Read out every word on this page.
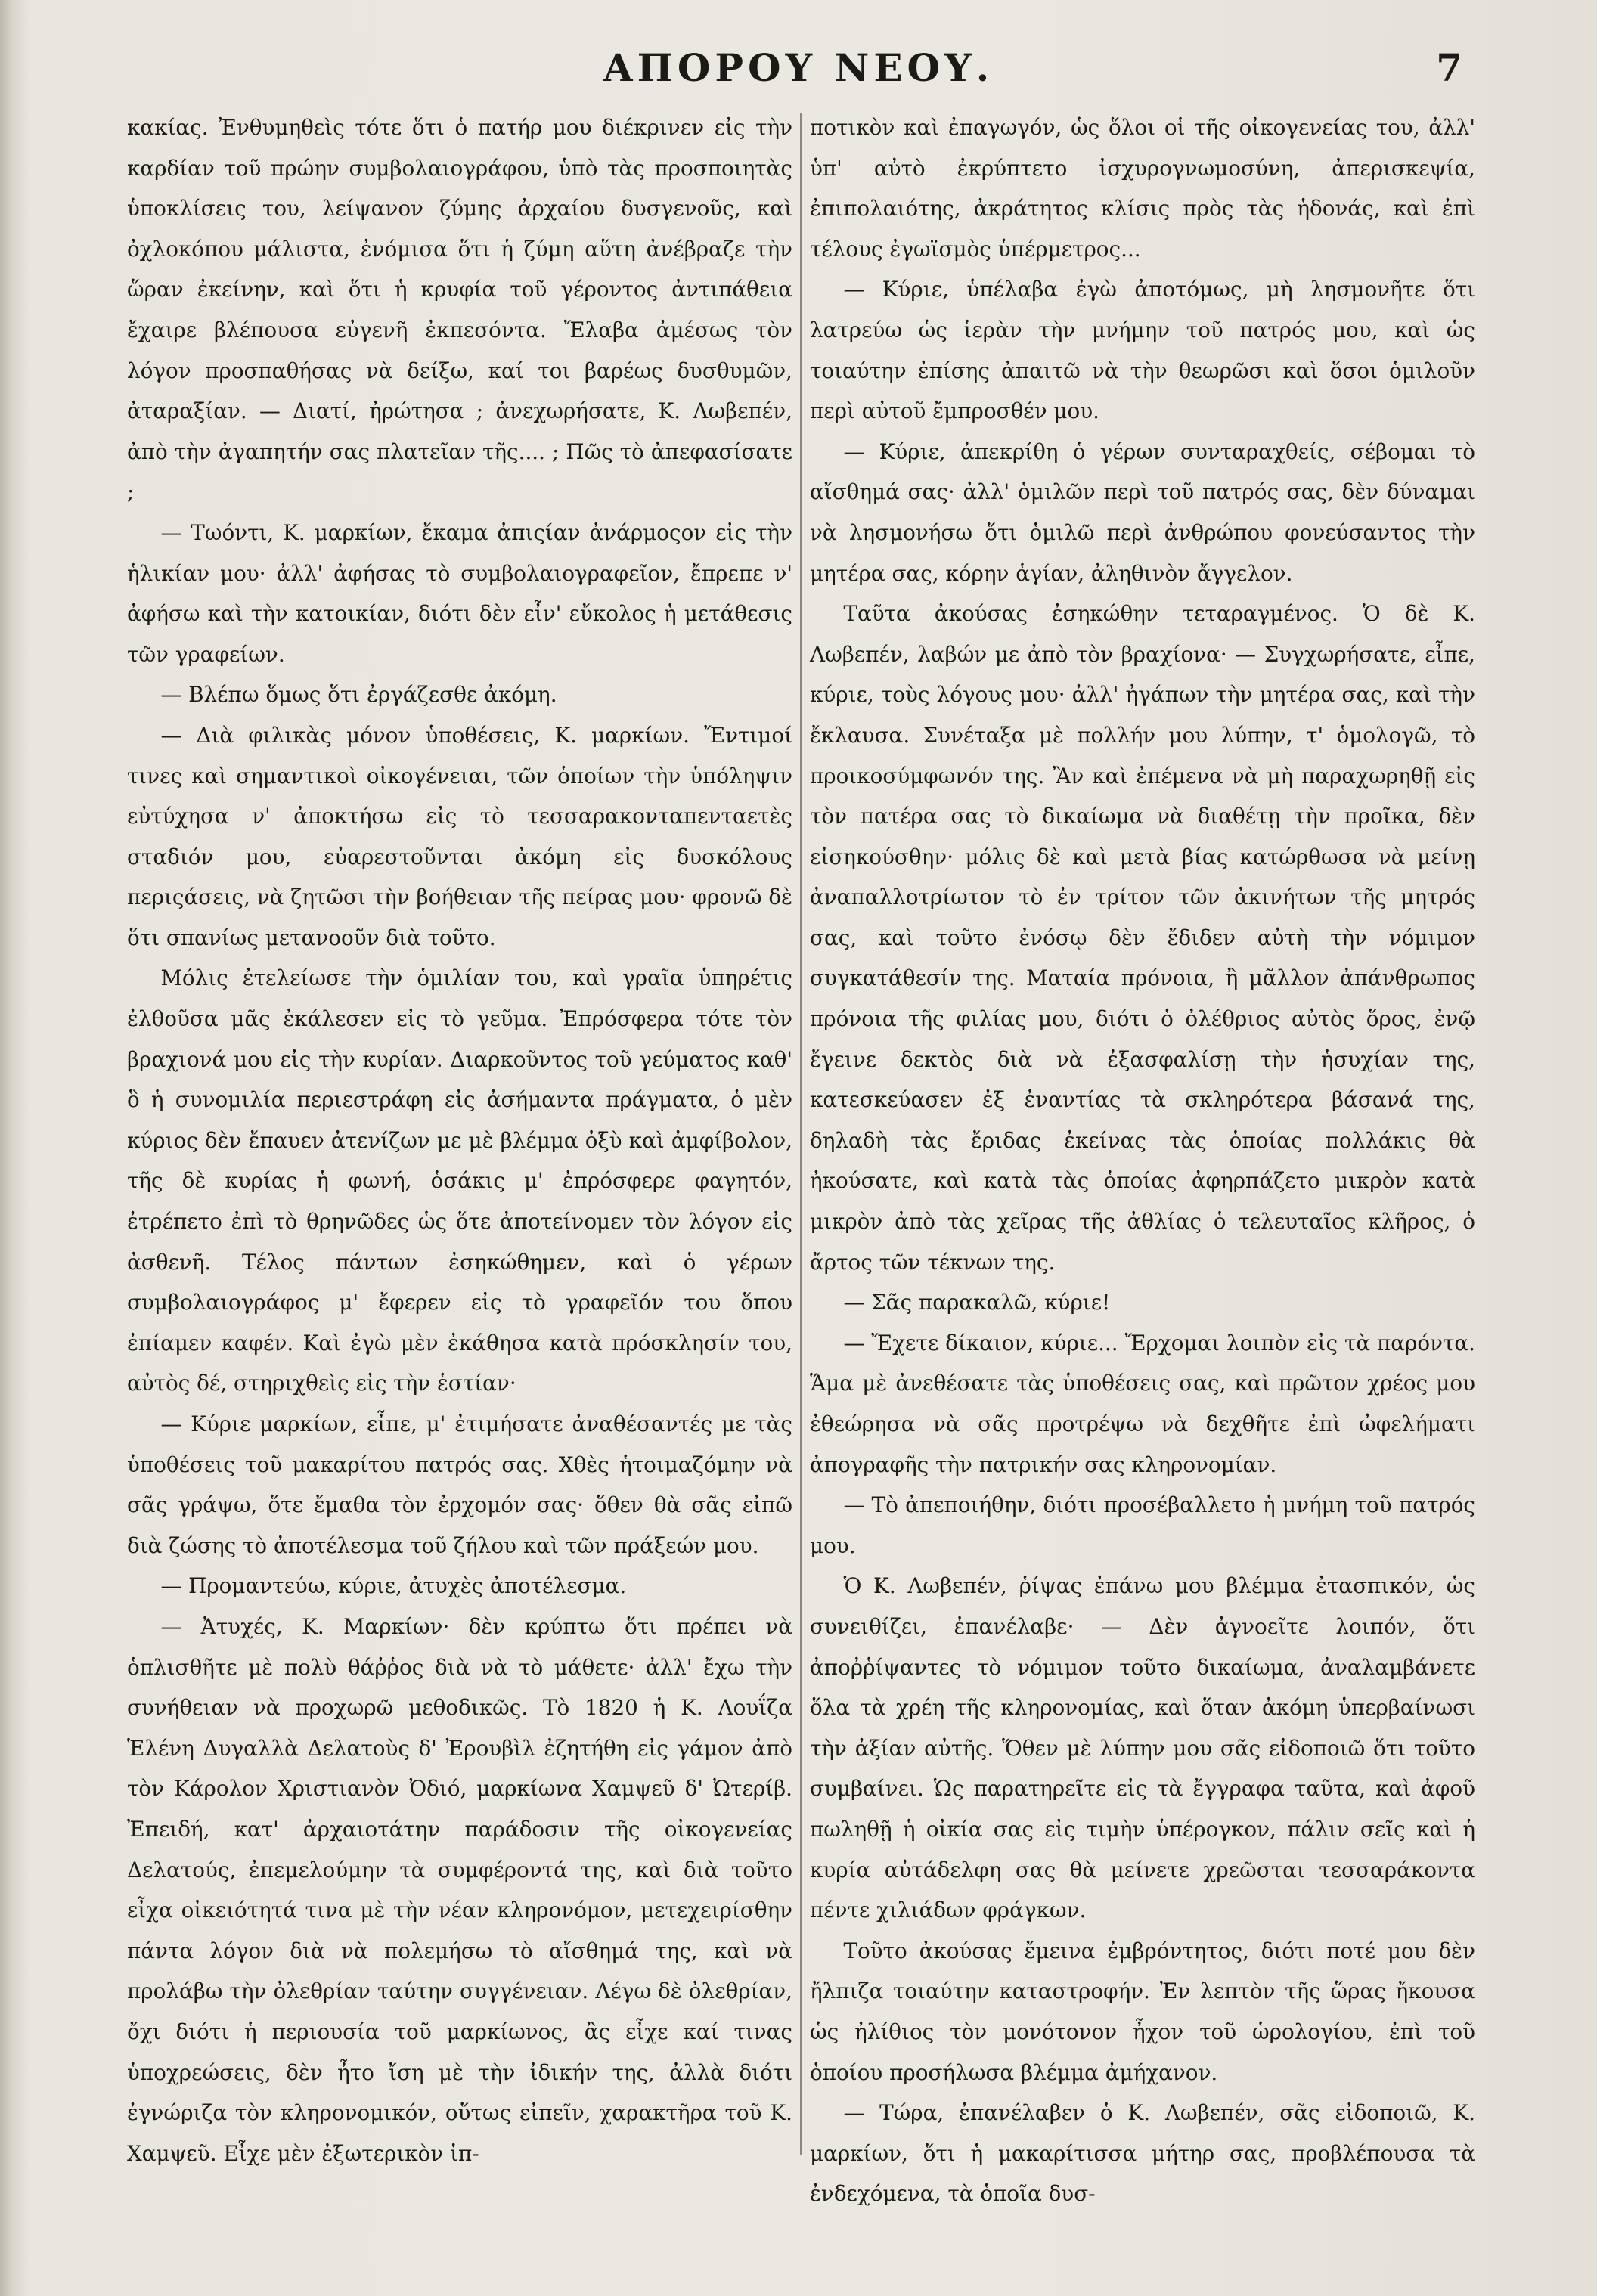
ΑΠΟΡΟΥ ΝΕΟΥ.	7

κακίας. Ἐνθυμηθεὶς τότε ὅτι ὁ πατήρ μου διέκρινεν εἰς τὴν καρδίαν τοῦ πρώην συμβολαιογράφου, ὑπὸ τὰς προσποιητὰς ὑποκλίσεις του, λείψανον ζύμης ἀρχαίου δυσγενοῦς, καὶ ὀχλοκόπου μάλιστα, ἐνόμισα ὅτι ἡ ζύμη αὕτη ἀνέβραζε τὴν ὥραν ἐκείνην, καὶ ὅτι ἡ κρυφία τοῦ γέροντος ἀντιπάθεια ἔχαιρε βλέπουσα εὐγενῆ ἐκπεσόντα. Ἔλαβα ἀμέσως τὸν λόγον προσπαθήσας νὰ δείξω, καί τοι βαρέως δυσθυμῶν, ἀταραξίαν. — Διατί, ἠρώτησα ; ἀνεχωρήσατε, Κ. Λωβεπέν, ἀπὸ τὴν ἀγαπητήν σας πλατεῖαν τῆς.... ; Πῶς τὸ ἀπεφασίσατε ;

— Τωόντι, Κ. μαρκίων, ἔκαμα ἀπιςίαν ἀνάρμοςον εἰς τὴν ἡλικίαν μου· ἀλλ' ἀφήσας τὸ συμβολαιογραφεῖον, ἔπρεπε ν' ἀφήσω καὶ τὴν κατοικίαν, διότι δὲν εἶν' εὔκολος ἡ μετάθεσις τῶν γραφείων.

— Βλέπω ὅμως ὅτι ἐργάζεσθε ἀκόμη.

— Διὰ φιλικὰς μόνον ὑποθέσεις, Κ. μαρκίων. Ἔντιμοί τινες καὶ σημαντικοὶ οἰκογένειαι, τῶν ὁποίων τὴν ὑπόληψιν εὐτύχησα ν' ἀποκτήσω εἰς τὸ τεσσαρακονταπενταετὲς σταδιόν μου, εὐαρεστοῦνται ἀκόμη εἰς δυσκόλους περιςάσεις, νὰ ζητῶσι τὴν βοήθειαν τῆς πείρας μου· φρονῶ δὲ ὅτι σπανίως μετανοοῦν διὰ τοῦτο.

Μόλις ἐτελείωσε τὴν ὁμιλίαν του, καὶ γραῖα ὑπηρέτις ἐλθοῦσα μᾶς ἐκάλεσεν εἰς τὸ γεῦμα. Ἐπρόσφερα τότε τὸν βραχιονά μου εἰς τὴν κυρίαν. Διαρκοῦντος τοῦ γεύματος καθ' ὃ ἡ συνομιλία περιεστράφη εἰς ἀσήμαντα πράγματα, ὁ μὲν κύριος δὲν ἔπαυεν ἀτενίζων με μὲ βλέμμα ὀξὺ καὶ ἀμφίβολον, τῆς δὲ κυρίας ἡ φωνή, ὁσάκις μ' ἐπρόσφερε φαγητόν, ἐτρέπετο ἐπὶ τὸ θρηνῶδες ὡς ὅτε ἀποτείνομεν τὸν λόγον εἰς ἀσθενῆ. Τέλος πάντων ἐσηκώθημεν, καὶ ὁ γέρων συμβολαιογράφος μ' ἔφερεν εἰς τὸ γραφεῖόν του ὅπου ἐπίαμεν καφέν. Καὶ ἐγὼ μὲν ἐκάθησα κατὰ πρόσκλησίν του, αὐτὸς δέ, στηριχθεὶς εἰς τὴν ἑστίαν·

— Κύριε μαρκίων, εἶπε, μ' ἐτιμήσατε ἀναθέσαντές με τὰς ὑποθέσεις τοῦ μακαρίτου πατρός σας. Χθὲς ἡτοιμαζόμην νὰ σᾶς γράψω, ὅτε ἔμαθα τὸν ἐρχομόν σας· ὅθεν θὰ σᾶς εἰπῶ διὰ ζώσης τὸ ἀποτέλεσμα τοῦ ζήλου καὶ τῶν πράξεών μου.

— Προμαντεύω, κύριε, ἀτυχὲς ἀποτέλεσμα.

— Ἀτυχές, Κ. Μαρκίων· δὲν κρύπτω ὅτι πρέπει νὰ ὁπλισθῆτε μὲ πολὺ θάῤῥος διὰ νὰ τὸ μάθετε· ἀλλ' ἔχω τὴν συνήθειαν νὰ προχωρῶ μεθοδικῶς. Τὸ 1820 ἡ Κ. Λουΐζα Ἑλένη Δυγαλλὰ Δελατοὺς δ' Ἐρουβὶλ ἐζητήθη εἰς γάμον ἀπὸ τὸν Κάρολον Χριστιανὸν Ὀδιό, μαρκίωνα Χαμψεῦ δ' Ὠτερίβ. Ἐπειδή, κατ' ἀρχαιοτάτην παράδοσιν τῆς οἰκογενείας Δελατούς, ἐπεμελούμην τὰ συμφέροντά της, καὶ διὰ τοῦτο εἶχα οἰκειότητά τινα μὲ τὴν νέαν κληρονόμον, μετεχειρίσθην πάντα λόγον διὰ νὰ πολεμήσω τὸ αἴσθημά της, καὶ νὰ προλάβω τὴν ὀλεθρίαν ταύτην συγγένειαν. Λέγω δὲ ὀλεθρίαν, ὄχι διότι ἡ περιουσία τοῦ μαρκίωνος, ἂς εἶχε καί τινας ὑποχρεώσεις, δὲν ἦτο ἴση μὲ τὴν ἰδικήν της, ἀλλὰ διότι ἐγνώριζα τὸν κληρονομικόν, οὕτως εἰπεῖν, χαρακτῆρα τοῦ Κ. Χαμψεῦ. Εἶχε μὲν ἐξωτερικὸν ἱπ-

ποτικὸν καὶ ἐπαγωγόν, ὡς ὅλοι οἱ τῆς οἰκογενείας του, ἀλλ' ὑπ' αὐτὸ ἐκρύπτετο ἰσχυρογνωμοσύνη, ἀπερισκεψία, ἐπιπολαιότης, ἀκράτητος κλίσις πρὸς τὰς ἡδονάς, καὶ ἐπὶ τέλους ἐγωϊσμὸς ὑπέρμετρος...

— Κύριε, ὑπέλαβα ἐγὼ ἀποτόμως, μὴ λησμονῆτε ὅτι λατρεύω ὡς ἱερὰν τὴν μνήμην τοῦ πατρός μου, καὶ ὡς τοιαύτην ἐπίσης ἀπαιτῶ νὰ τὴν θεωρῶσι καὶ ὅσοι ὁμιλοῦν περὶ αὐτοῦ ἔμπροσθέν μου.

— Κύριε, ἀπεκρίθη ὁ γέρων συνταραχθείς, σέβομαι τὸ αἴσθημά σας· ἀλλ' ὁμιλῶν περὶ τοῦ πατρός σας, δὲν δύναμαι νὰ λησμονήσω ὅτι ὁμιλῶ περὶ ἀνθρώπου φονεύσαντος τὴν μητέρα σας, κόρην ἁγίαν, ἀληθινὸν ἄγγελον.

Ταῦτα ἀκούσας ἐσηκώθην τεταραγμένος. Ὁ δὲ Κ. Λωβεπέν, λαβών με ἀπὸ τὸν βραχίονα· — Συγχωρήσατε, εἶπε, κύριε, τοὺς λόγους μου· ἀλλ' ἠγάπων τὴν μητέρα σας, καὶ τὴν ἔκλαυσα. Συνέταξα μὲ πολλήν μου λύπην, τ' ὁμολογῶ, τὸ προικοσύμφωνόν της. Ἂν καὶ ἐπέμενα νὰ μὴ παραχωρηθῇ εἰς τὸν πατέρα σας τὸ δικαίωμα νὰ διαθέτῃ τὴν προῖκα, δὲν εἰσηκούσθην· μόλις δὲ καὶ μετὰ βίας κατώρθωσα νὰ μείνῃ ἀναπαλλοτρίωτον τὸ ἐν τρίτον τῶν ἀκινήτων τῆς μητρός σας, καὶ τοῦτο ἐνόσῳ δὲν ἔδιδεν αὐτὴ τὴν νόμιμον συγκατάθεσίν της. Ματαία πρόνοια, ἢ μᾶλλον ἀπάνθρωπος πρόνοια τῆς φιλίας μου, διότι ὁ ὀλέθριος αὐτὸς ὅρος, ἐνῷ ἔγεινε δεκτὸς διὰ νὰ ἐξασφαλίσῃ τὴν ἡσυχίαν της, κατεσκεύασεν ἐξ ἐναντίας τὰ σκληρότερα βάσανά της, δηλαδὴ τὰς ἔριδας ἐκείνας τὰς ὁποίας πολλάκις θὰ ἠκούσατε, καὶ κατὰ τὰς ὁποίας ἀφηρπάζετο μικρὸν κατὰ μικρὸν ἀπὸ τὰς χεῖρας τῆς ἀθλίας ὁ τελευταῖος κλῆρος, ὁ ἄρτος τῶν τέκνων της.

— Σᾶς παρακαλῶ, κύριε!

— Ἔχετε δίκαιον, κύριε... Ἔρχομαι λοιπὸν εἰς τὰ παρόντα. Ἅμα μὲ ἀνεθέσατε τὰς ὑποθέσεις σας, καὶ πρῶτον χρέος μου ἐθεώρησα νὰ σᾶς προτρέψω νὰ δεχθῆτε ἐπὶ ὠφελήματι ἀπογραφῆς τὴν πατρικήν σας κληρονομίαν.

— Τὸ ἀπεποιήθην, διότι προσέβαλλετο ἡ μνήμη τοῦ πατρός μου.

Ὁ Κ. Λωβεπέν, ῥίψας ἐπάνω μου βλέμμα ἐτασπικόν, ὡς συνειθίζει, ἐπανέλαβε· — Δὲν ἀγνοεῖτε λοιπόν, ὅτι ἀποῤῥίψαντες τὸ νόμιμον τοῦτο δικαίωμα, ἀναλαμβάνετε ὅλα τὰ χρέη τῆς κληρονομίας, καὶ ὅταν ἀκόμη ὑπερβαίνωσι τὴν ἀξίαν αὐτῆς. Ὅθεν μὲ λύπην μου σᾶς εἰδοποιῶ ὅτι τοῦτο συμβαίνει. Ὡς παρατηρεῖτε εἰς τὰ ἔγγραφα ταῦτα, καὶ ἀφοῦ πωληθῇ ἡ οἰκία σας εἰς τιμὴν ὑπέρογκον, πάλιν σεῖς καὶ ἡ κυρία αὐτάδελφη σας θὰ μείνετε χρεῶσται τεσσαράκοντα πέντε χιλιάδων φράγκων.

Τοῦτο ἀκούσας ἔμεινα ἐμβρόντητος, διότι ποτέ μου δὲν ἤλπιζα τοιαύτην καταστροφήν. Ἐν λεπτὸν τῆς ὥρας ἤκουσα ὡς ἠλίθιος τὸν μονότονον ἦχον τοῦ ὡρολογίου, ἐπὶ τοῦ ὁποίου προσήλωσα βλέμμα ἀμήχανον.

— Τώρα, ἐπανέλαβεν ὁ Κ. Λωβεπέν, σᾶς εἰδοποιῶ, Κ. μαρκίων, ὅτι ἡ μακαρίτισσα μήτηρ σας, προβλέπουσα τὰ ἐνδεχόμενα, τὰ ὁποῖα δυσ-
